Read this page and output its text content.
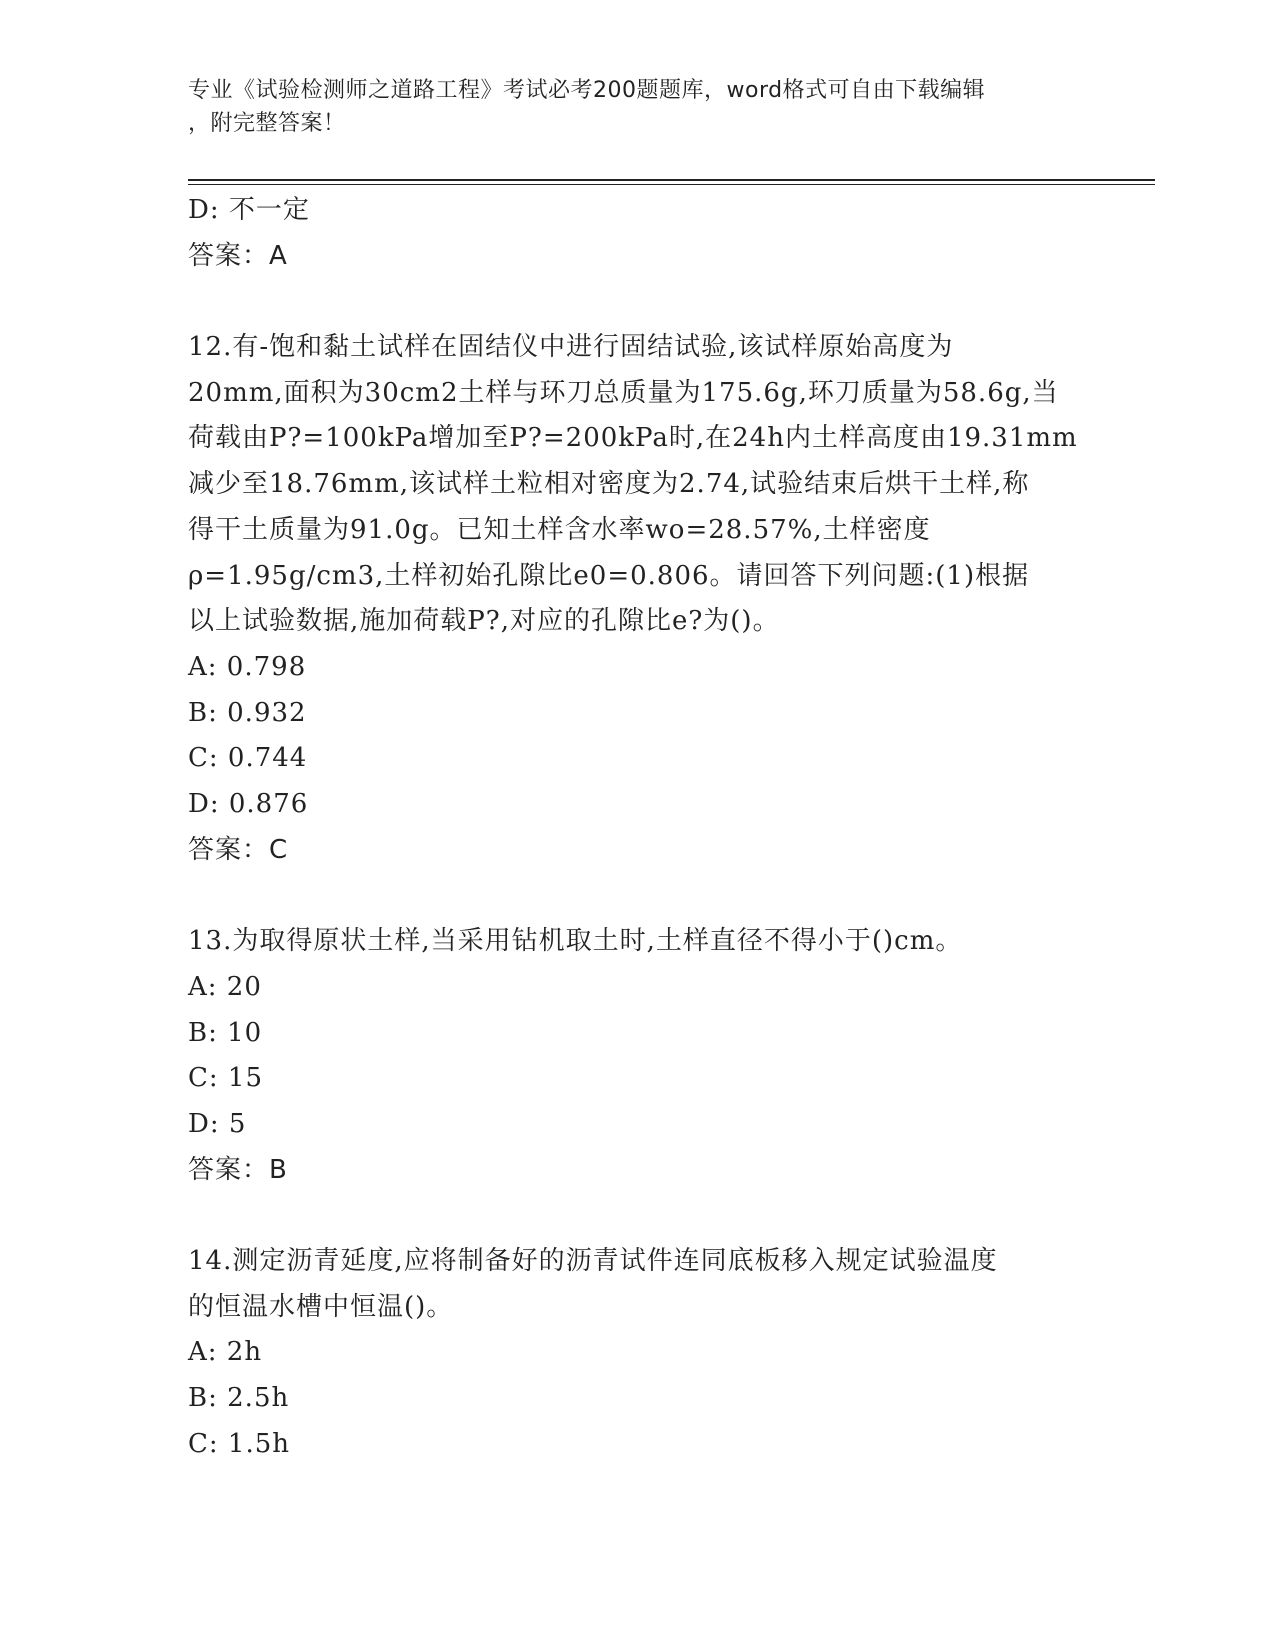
专业《试验检测师之道路工程》考试必考200题题库，word格式可自由下载编辑
，附完整答案！
D: 不一定
答案：A
12.有-饱和黏土试样在固结仪中进行固结试验,该试样原始高度为
20mm,面积为30cm2土样与环刀总质量为175.6g,环刀质量为58.6g,当
荷载由P?=100kPa增加至P?=200kPa时,在24h内土样高度由19.31mm
减少至18.76mm,该试样土粒相对密度为2.74,试验结束后烘干土样,称
得干土质量为91.0g。已知土样含水率wo=28.57%,土样密度
ρ=1.95g/cm3,土样初始孔隙比e0=0.806。请回答下列问题:(1)根据
以上试验数据,施加荷载P?,对应的孔隙比e?为()。
A: 0.798
B: 0.932
C: 0.744
D: 0.876
答案：C
13.为取得原状土样,当采用钻机取土时,土样直径不得小于()cm。
A: 20
B: 10
C: 15
D: 5
答案：B
14.测定沥青延度,应将制备好的沥青试件连同底板移入规定试验温度
的恒温水槽中恒温()。
A: 2h
B: 2.5h
C: 1.5h
